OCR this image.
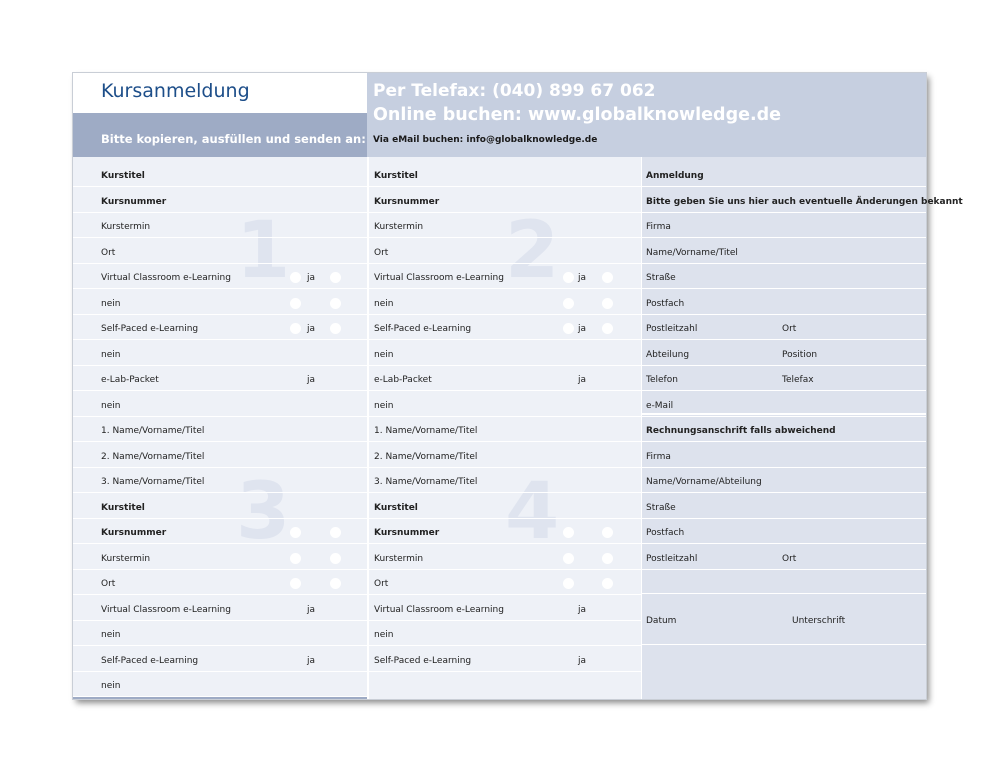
Kursanmeldung
Bitte kopieren, ausfüllen und senden an:
Per Telefax: (040) 899 67 062
Online buchen: www.globalknowledge.de
Via eMail buchen: info@globalknowledge.de
1
3
Kurstitel
Kursnummer
Kurstermin
Ort
Virtual Classroom e-Learning	ja
nein
Self-Paced e-Learning	ja
nein
e-Lab-Packet	ja
nein
1. Name/Vorname/Titel
2. Name/Vorname/Titel
3. Name/Vorname/Titel
Kurstitel
Kursnummer
Kurstermin
Ort
Virtual Classroom e-Learning	ja
nein
Self-Paced e-Learning	ja
nein
2
4
Kurstitel
Kursnummer
Kurstermin
Ort
Virtual Classroom e-Learning	ja
nein
Self-Paced e-Learning	ja
nein
e-Lab-Packet	ja
nein
1. Name/Vorname/Titel
2. Name/Vorname/Titel
3. Name/Vorname/Titel
Kurstitel
Kursnummer
Kurstermin
Ort
Virtual Classroom e-Learning	ja
nein
Self-Paced e-Learning	ja
Anmeldung
Bitte geben Sie uns hier auch eventuelle Änderungen bekannt
Firma
Name/Vorname/Titel
Straße
Postfach
Postleitzahl	Ort
Abteilung	Position
Telefon	Telefax
e-Mail
Rechnungsanschrift falls abweichend
Firma
Name/Vorname/Abteilung
Straße
Postfach
Postleitzahl	Ort
Datum	Unterschrift
